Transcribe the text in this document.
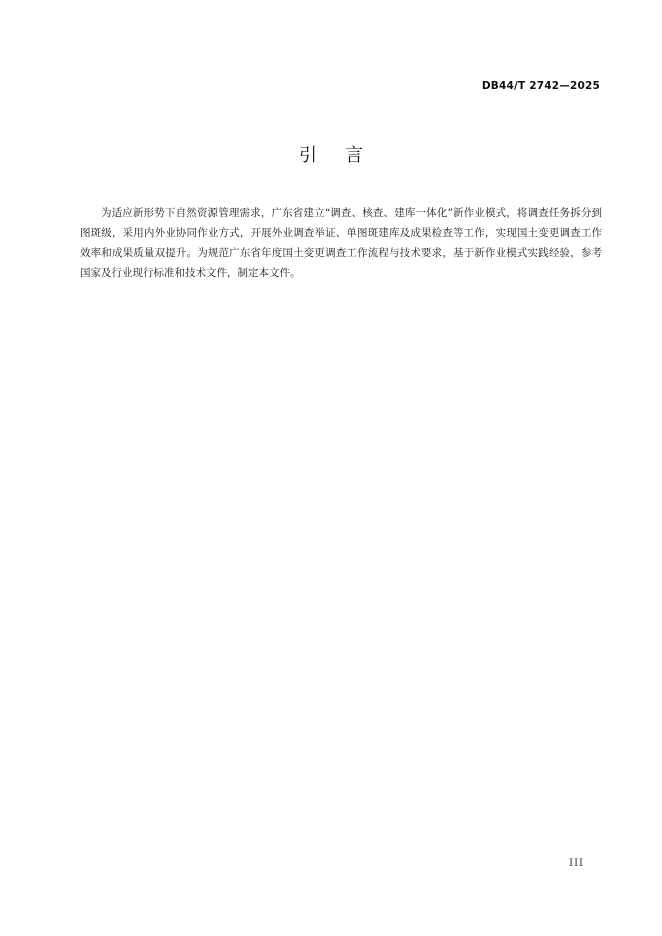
DB44/T 2742—2025
引言

为适应新形势下自然资源管理需求，广东省建立“调查、核查、建库一体化”新作业模式，将调查任务拆分到图斑级，采用内外业协同作业方式，开展外业调查举证、单图斑建库及成果检查等工作，实现国土变更调查工作效率和成果质量双提升。为规范广东省年度国土变更调查工作流程与技术要求，基于新作业模式实践经验，参考国家及行业现行标准和技术文件，制定本文件。

III
